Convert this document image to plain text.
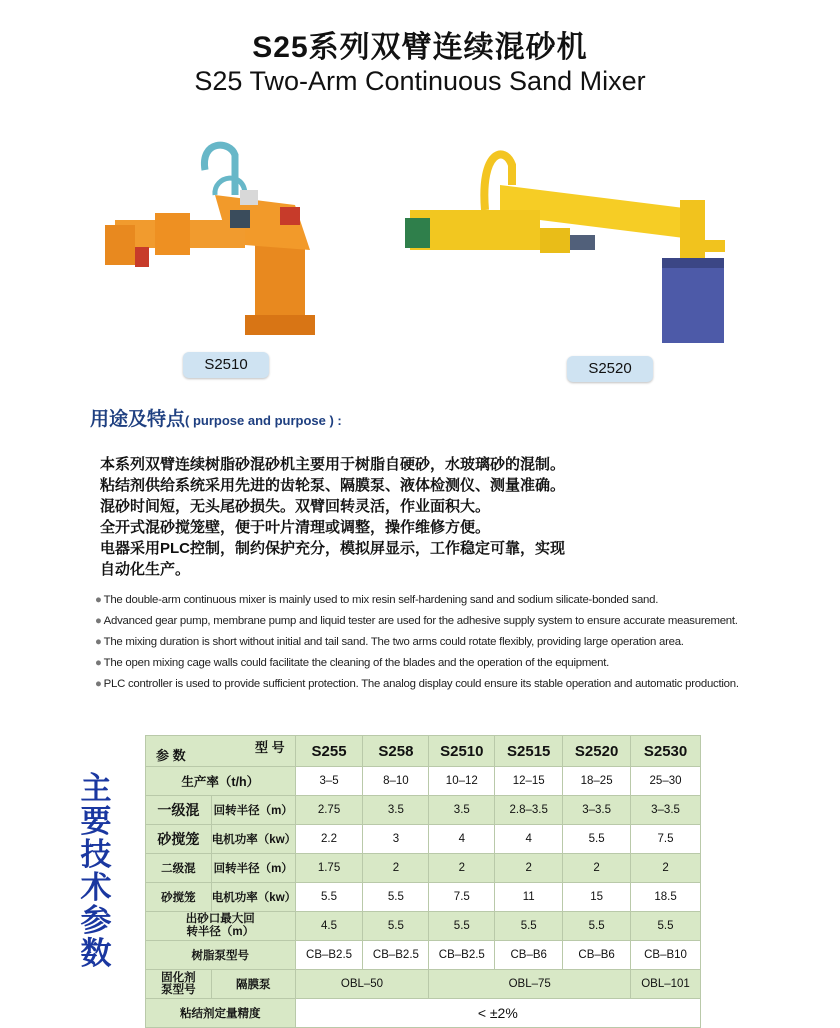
S25系列双臂连续混砂机
S25 Two-Arm Continuous Sand Mixer
S2510	S2520
用途及特点( purpose and purpose ) :
本系列双臂连续树脂砂混砂机主要用于树脂自硬砂，水玻璃砂的混制。
粘结剂供给系统采用先进的齿轮泵、隔膜泵、液体检测仪、测量准确。
混砂时间短，无头尾砂损失。双臂回转灵活，作业面积大。
全开式混砂搅笼壁，便于叶片清理或调整，操作维修方便。
电器采用PLC控制，制约保护充分，模拟屏显示，工作稳定可靠，实现
自动化生产。
● The double-arm continuous mixer is mainly used to mix resin self-hardening sand and sodium silicate-bonded sand.
● Advanced gear pump, membrane pump and liquid tester are used for the adhesive supply system to ensure accurate measurement.
● The mixing duration is short without initial and tail sand. The two arms could rotate flexibly, providing large operation area.
● The open mixing cage walls could facilitate the cleaning of the blades and the operation of the equipment.
● PLC controller is used to provide sufficient protection. The analog display could ensure its stable operation and automatic production.
主
要
技
术
参
数
参 数
型 号		S255	S258	S2510	S2515	S2520	S2530
生产率（t/h）		3–5	8–10	10–12	12–15	18–25	25–30
一级混	回转半径（m）	2.75	3.5	3.5	2.8–3.5	3–3.5	3–3.5
砂搅笼	电机功率（kw）	2.2	3	4	4	5.5	7.5
二级混	回转半径（m）	1.75	2	2	2	2	2
砂搅笼	电机功率（kw）	5.5	5.5	7.5	11	15	18.5

出砂口最大回
转半径（m）		4.5	5.5	5.5	5.5	5.5	5.5
树脂泵型号		CB–B2.5	CB–B2.5	CB–B2.5	CB–B6	CB–B6	CB–B10

固化剂
泵型号	隔膜泵	OBL–50		OBL–75			OBL–101
粘结剂定量精度		< ±2%					
